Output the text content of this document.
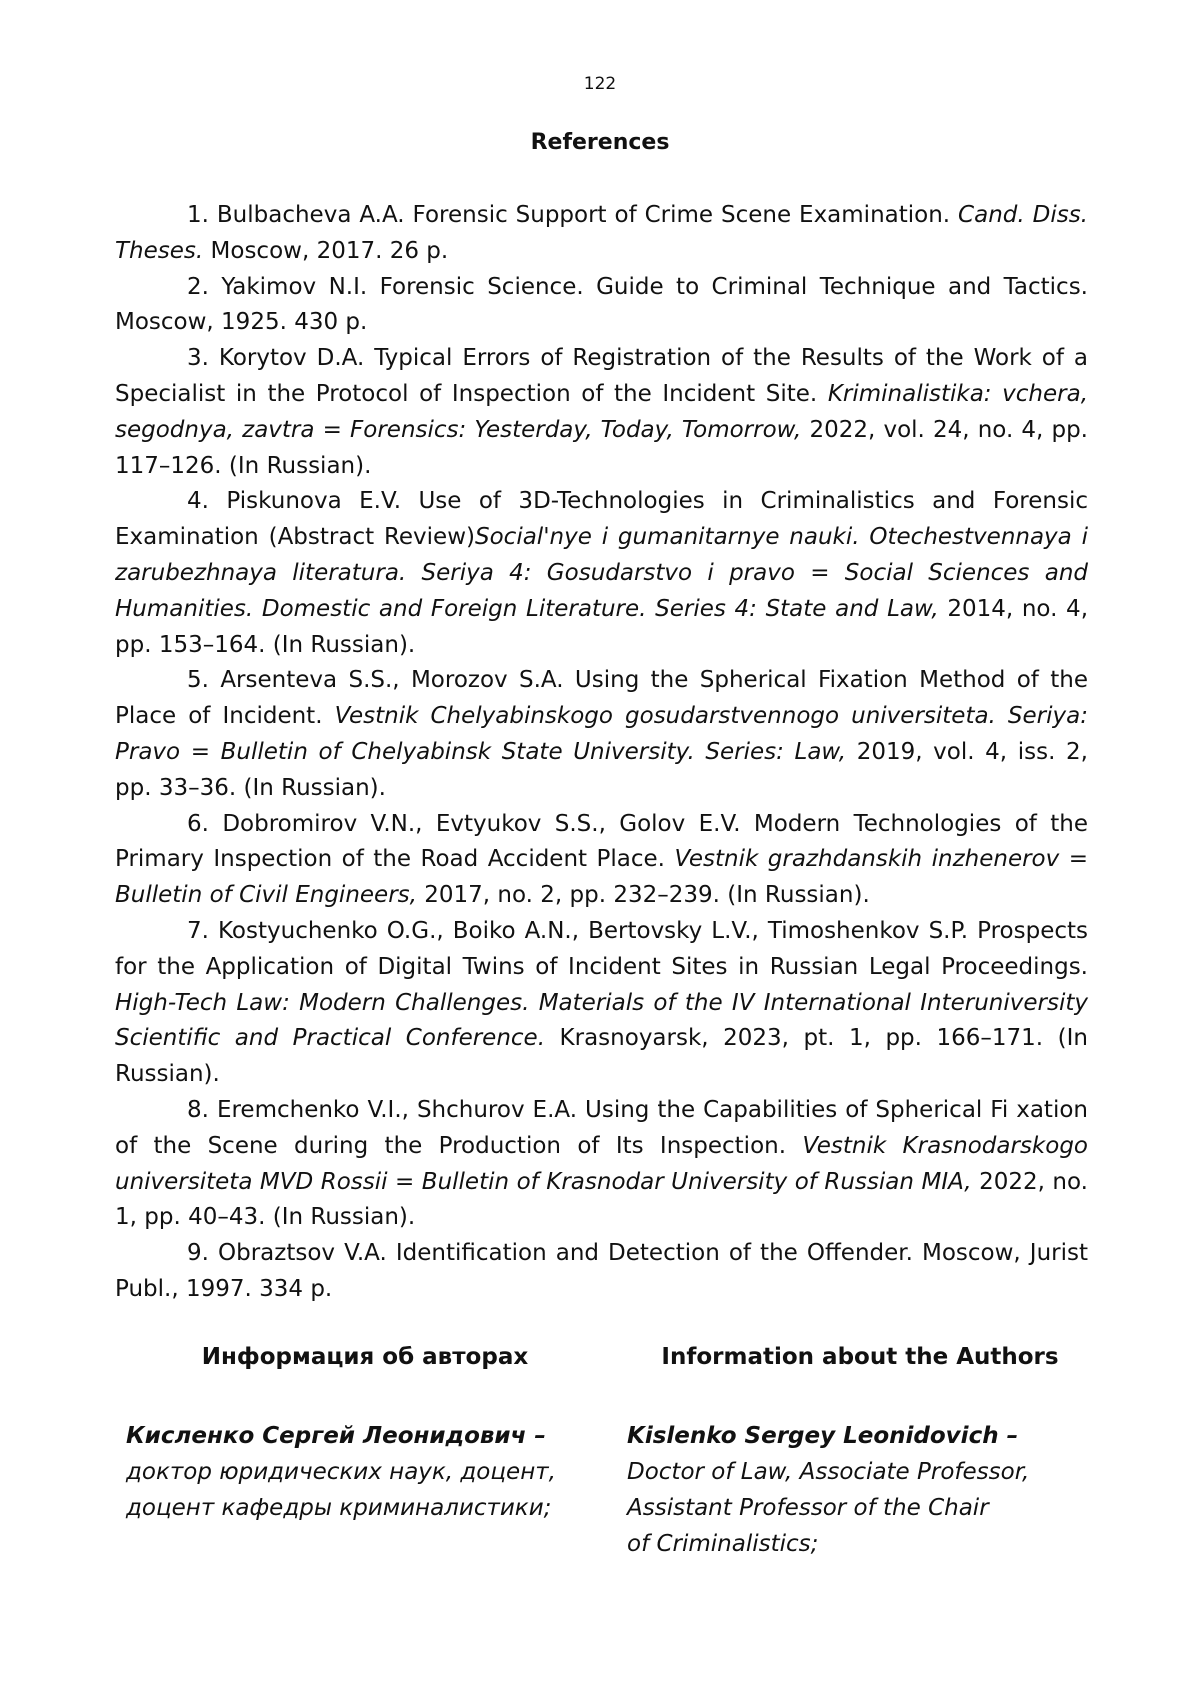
122
References

1. Bulbacheva A.A. Forensic Support of Crime Scene Examination. Cand. Diss. Theses. Moscow, 2017. 26 p.

2. Yakimov N.I. Forensic Science. Guide to Criminal Technique and Tactics. Moscow, 1925. 430 p.

3. Korytov D.A. Typical Errors of Registration of the Results of the Work of a Specialist in the Protocol of Inspection of the Incident Site. Kriminalistika: vchera, segodnya, zavtra = Forensics: Yesterday, Today, Tomorrow, 2022, vol. 24, no. 4, pp. 117–126. (In Russian).

4. Piskunova E.V. Use of 3D-Technologies in Criminalistics and Forensic Examination (Abstract Review)Social'nye i gumanitarnye nauki. Otechestvennaya i zarubezhnaya literatura. Seriya 4: Gosudarstvo i pravo = Social Sciences and Humanities. Domestic and Foreign Literature. Series 4: State and Law, 2014, no. 4, pp. 153–164. (In Russian).

5. Arsenteva S.S., Morozov S.A. Using the Spherical Fixation Method of the Place of Incident. Vestnik Chelyabinskogo gosudarstvennogo universiteta. Seriya: Pravo = Bulletin of Chelyabinsk State University. Series: Law, 2019, vol. 4, iss. 2, pp. 33–36. (In Russian).

6. Dobromirov V.N., Evtyukov S.S., Golov E.V. Modern Technologies of the Primary Inspection of the Road Accident Place. Vestnik grazhdanskih inzhenerov = Bulletin of Civil Engineers, 2017, no. 2, pp. 232–239. (In Russian).

7. Kostyuchenko O.G., Boiko A.N., Bertovsky L.V., Timoshenkov S.P. Prospects for the Application of Digital Twins of Incident Sites in Russian Legal Proceedings. High-Tech Law: Modern Challenges. Materials of the IV International Interuniversity Scientific and Practical Conference. Krasnoyarsk, 2023, pt. 1, pp. 166–171. (In Russian).

8. Eremchenko V.I., Shchurov E.A. Using the Capabilities of Spherical Fi xation of the Scene during the Production of Its Inspection. Vestnik Krasnodarskogo universiteta MVD Rossii = Bulletin of Krasnodar University of Russian MIA, 2022, no. 1, pp. 40–43. (In Russian).

9. Obraztsov V.A. Identification and Detection of the Offender. Moscow, Jurist Publ., 1997. 334 p.

Информация об авторах	Information about the Authors
Кисленко Сергей Леонидович –
доктор юридических наук, доцент,
доцент кафедры криминалистики;
Kislenko Sergey Leonidovich –
Doctor of Law, Associate Professor,
Assistant Professor of the Chair
of Criminalistics;
